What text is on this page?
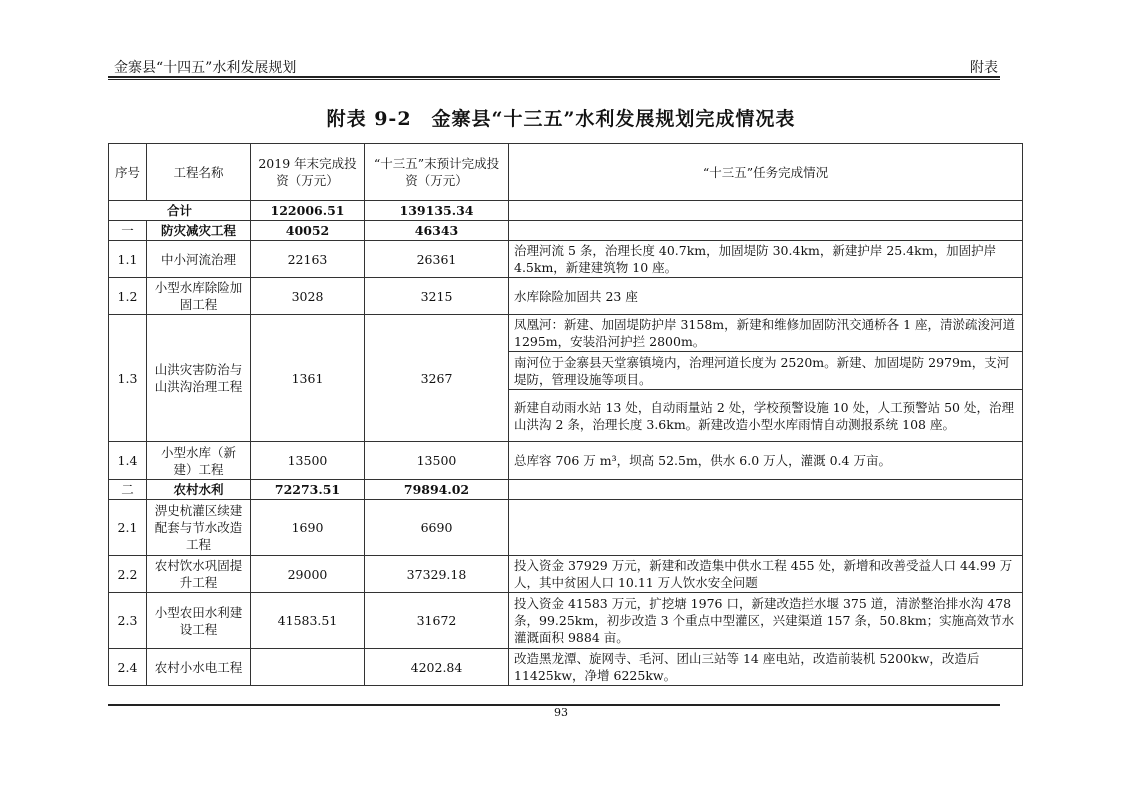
金寨县“十四五”水利发展规划	附表
附表 9-2　金寨县“十三五”水利发展规划完成情况表
序号	工程名称	2019 年末完成投资（万元）	“十三五”末预计完成投资（万元）	“十三五”任务完成情况
合计		122006.51	139135.34	
一	防灾减灾工程	40052	46343	
1.1	中小河流治理	22163	26361	治理河流 5 条，治理长度 40.7km，加固堤防 30.4km，新建护岸 25.4km，加固护岸 4.5km，新建建筑物 10 座。
1.2	小型水库除险加固工程	3028	3215	水库除险加固共 23 座
1.3	山洪灾害防治与山洪沟治理工程	1361	3267	凤凰河：新建、加固堤防护岸 3158m，新建和维修加固防汛交通桥各 1 座，清淤疏浚河道 1295m，安装沿河护拦 2800m。
				南河位于金寨县天堂寨镇境内，治理河道长度为 2520m。新建、加固堤防 2979m，支河堤防，管理设施等项目。
				新建自动雨水站 13 处，自动雨量站 2 处，学校预警设施 10 处，人工预警站 50 处，治理山洪沟 2 条，治理长度 3.6km。新建改造小型水库雨情自动测报系统 108 座。
1.4	小型水库（新建）工程	13500	13500	总库容 706 万 m³，坝高 52.5m，供水 6.0 万人，灌溉 0.4 万亩。
二	农村水利	72273.51	79894.02	
2.1	淠史杭灌区续建配套与节水改造工程	1690	6690	
2.2	农村饮水巩固提升工程	29000	37329.18	投入资金 37929 万元，新建和改造集中供水工程 455 处，新增和改善受益人口 44.99 万人，其中贫困人口 10.11 万人饮水安全问题
2.3	小型农田水利建设工程	41583.51	31672	投入资金 41583 万元，扩挖塘 1976 口，新建改造拦水堰 375 道，清淤整治排水沟 478 条，99.25km，初步改造 3 个重点中型灌区，兴建渠道 157 条，50.8km；实施高效节水灌溉面积 9884 亩。
2.4	农村小水电工程		4202.84	改造黑龙潭、旋网寺、毛河、团山三站等 14 座电站，改造前装机 5200kw，改造后 11425kw，净增 6225kw。
93
